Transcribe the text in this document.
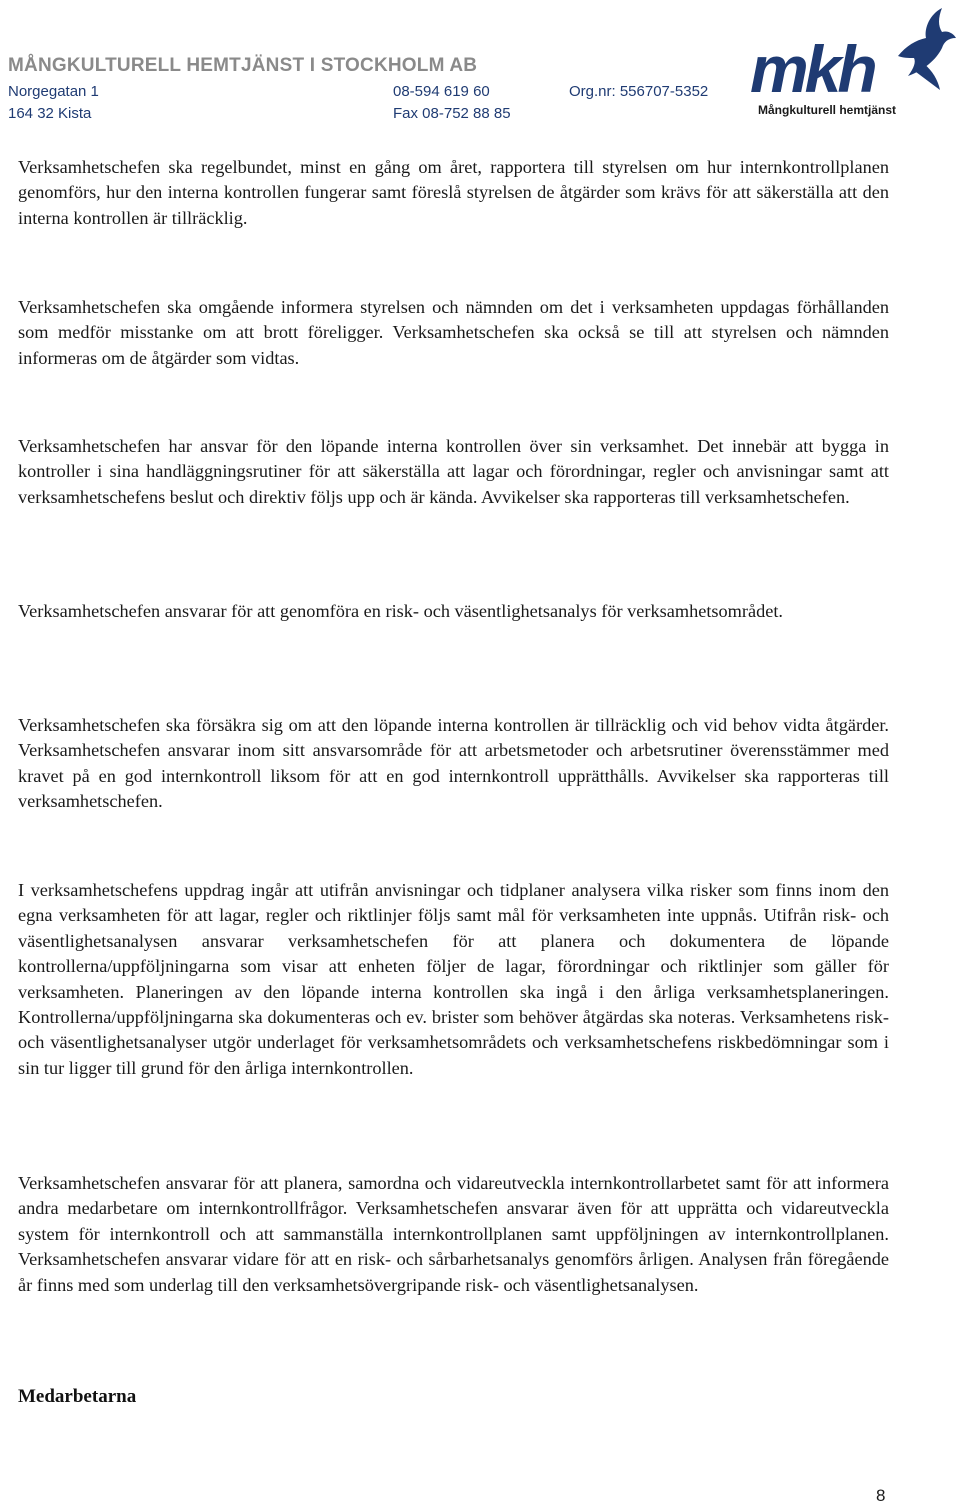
MÅNGKULTURELL HEMTJÄNST I STOCKHOLM AB
Norgegatan 1	08-594 619 60	Org.nr: 556707-5352
164 32 Kista	Fax 08-752 88 85
mkh
Mångkulturell hemtjänst

Verksamhetschefen ska regelbundet, minst en gång om året, rapportera till styrelsen om hur internkontrollplanen genomförs, hur den interna kontrollen fungerar samt föreslå styrelsen de åtgärder som krävs för att säkerställa att den interna kontrollen är tillräcklig.

Verksamhetschefen ska omgående informera styrelsen och nämnden om det i verksamheten uppdagas förhållanden som medför misstanke om att brott föreligger. Verksamhetschefen ska också se till att styrelsen och nämnden informeras om de åtgärder som vidtas.

Verksamhetschefen har ansvar för den löpande interna kontrollen över sin verksamhet. Det innebär att bygga in kontroller i sina handläggningsrutiner för att säkerställa att lagar och förordningar, regler och anvisningar samt att verksamhetschefens beslut och direktiv följs upp och är kända. Avvikelser ska rapporteras till verksamhetschefen.

Verksamhetschefen ansvarar för att genomföra en risk- och väsentlighetsanalys för verksamhetsområdet.

Verksamhetschefen ska försäkra sig om att den löpande interna kontrollen är tillräcklig och vid behov vidta åtgärder. Verksamhetschefen ansvarar inom sitt ansvarsområde för att arbetsmetoder och arbetsrutiner överensstämmer med kravet på en god internkontroll liksom för att en god internkontroll upprätthålls. Avvikelser ska rapporteras till verksamhetschefen.

I verksamhetschefens uppdrag ingår att utifrån anvisningar och tidplaner analysera vilka risker som finns inom den egna verksamheten för att lagar, regler och riktlinjer följs samt mål för verksamheten inte uppnås. Utifrån risk- och väsentlighetsanalysen ansvarar verksamhetschefen för att planera och dokumentera de löpande kontrollerna/uppföljningarna som visar att enheten följer de lagar, förordningar och riktlinjer som gäller för verksamheten. Planeringen av den löpande interna kontrollen ska ingå i den årliga verksamhetsplaneringen. Kontrollerna/uppföljningarna ska dokumenteras och ev. brister som behöver åtgärdas ska noteras. Verksamhetens risk- och väsentlighetsanalyser utgör underlaget för verksamhetsområdets och verksamhetschefens riskbedömningar som i sin tur ligger till grund för den årliga internkontrollen.

Verksamhetschefen ansvarar för att planera, samordna och vidareutveckla internkontrollarbetet samt för att informera andra medarbetare om internkontrollfrågor. Verksamhetschefen ansvarar även för att upprätta och vidareutveckla system för internkontroll och att sammanställa internkontrollplanen samt uppföljningen av internkontrollplanen. Verksamhetschefen ansvarar vidare för att en risk- och sårbarhetsanalys genomförs årligen. Analysen från föregående år finns med som underlag till den verksamhetsövergripande risk- och väsentlighetsanalysen.

Medarbetarna
8
